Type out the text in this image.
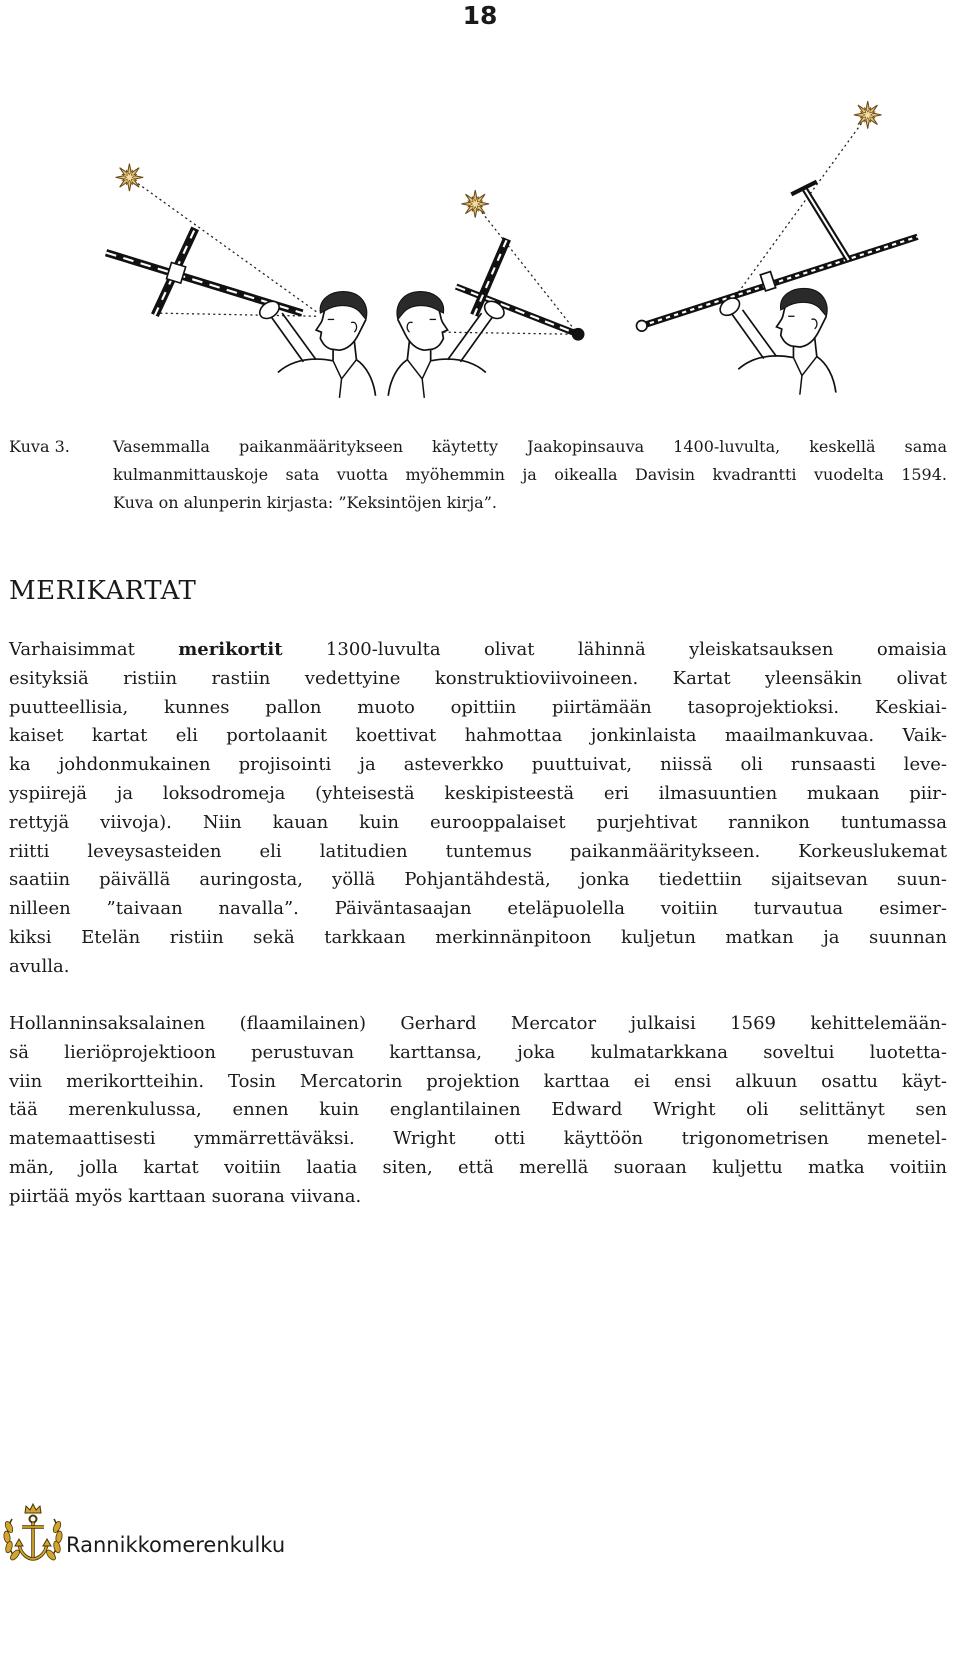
18
Kuva 3.	Vasemmalla paikanmääritykseen käytetty Jaakopinsauva 1400-luvulta, keskellä sama
kulmanmittauskoje sata vuotta myöhemmin ja oikealla Davisin kvadrantti vuodelta 1594.
Kuva on alunperin kirjasta: ”Keksintöjen kirja”.
MERIKARTAT
Varhaisimmat merikortit 1300-luvulta olivat lähinnä yleiskatsauksen omaisia
esityksiä ristiin rastiin vedettyine konstruktioviivoineen. Kartat yleensäkin olivat
puutteellisia, kunnes pallon muoto opittiin piirtämään tasoprojektioksi. Keskiai-
kaiset kartat eli portolaanit koettivat hahmottaa jonkinlaista maailmankuvaa. Vaik-
ka johdonmukainen projisointi ja asteverkko puuttuivat, niissä oli runsaasti leve-
yspiirejä ja loksodromeja (yhteisestä keskipisteestä eri ilmasuuntien mukaan piir-
rettyjä viivoja). Niin kauan kuin eurooppalaiset purjehtivat rannikon tuntumassa
riitti leveysasteiden eli latitudien tuntemus paikanmääritykseen. Korkeuslukemat
saatiin päivällä auringosta, yöllä Pohjantähdestä, jonka tiedettiin sijaitsevan suun-
nilleen ”taivaan navalla”. Päiväntasaajan eteläpuolella voitiin turvautua esimer-
kiksi Etelän ristiin sekä tarkkaan merkinnänpitoon kuljetun matkan ja suunnan
avulla.
Hollanninsaksalainen (flaamilainen) Gerhard Mercator julkaisi 1569 kehittelemään-
sä lieriöprojektioon perustuvan karttansa, joka kulmatarkkana soveltui luotetta-
viin merikortteihin. Tosin Mercatorin projektion karttaa ei ensi alkuun osattu käyt-
tää merenkulussa, ennen kuin englantilainen Edward Wright oli selittänyt sen
matemaattisesti ymmärrettäväksi. Wright otti käyttöön trigonometrisen menetel-
män, jolla kartat voitiin laatia siten, että merellä suoraan kuljettu matka voitiin
piirtää myös karttaan suorana viivana.
Rannikkomerenkulku
